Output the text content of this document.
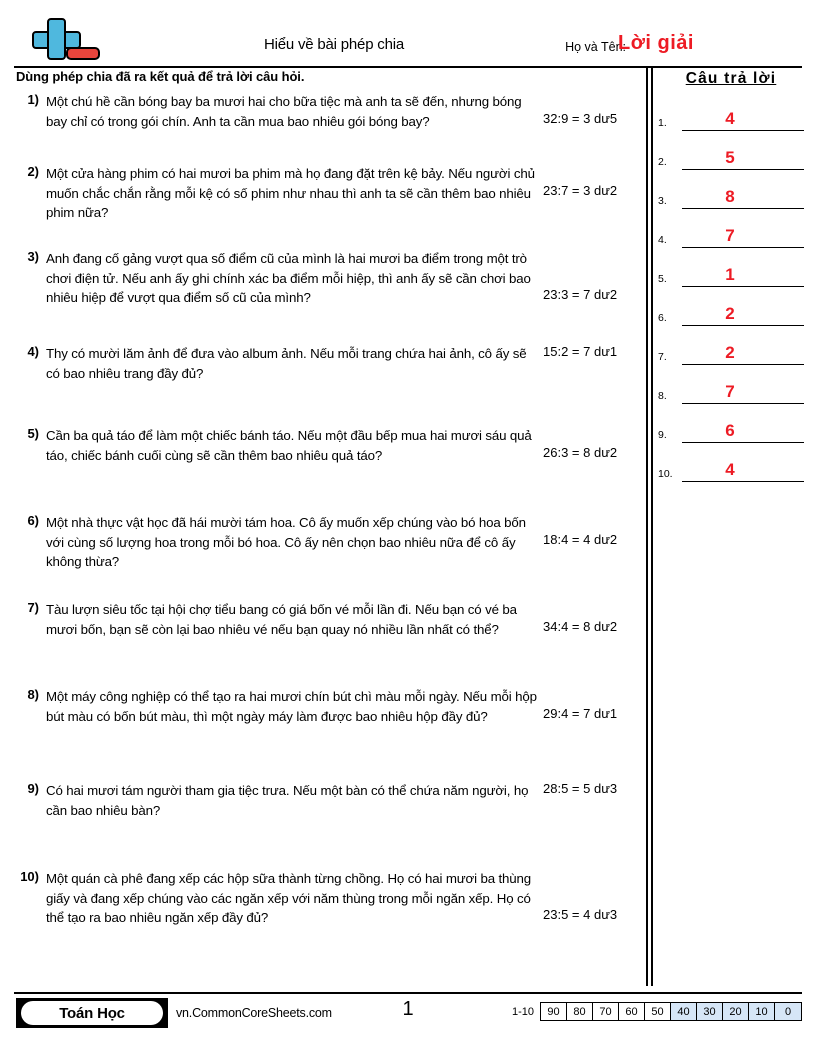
Hiểu về bài phép chia	Họ và Tên:
Lời giải
Dùng phép chia đã ra kết quả để trả lời câu hỏi.
1) Một chú hề cần bóng bay ba mươi hai cho bữa tiệc mà anh ta sẽ đến, nhưng bóng bay chỉ có trong gói chín. Anh ta cần mua bao nhiêu gói bóng bay?	32:9 = 3 dư5
2) Một cửa hàng phim có hai mươi ba phim mà họ đang đặt trên kệ bảy. Nếu người chủ muốn chắc chắn rằng mỗi kệ có số phim như nhau thì anh ta sẽ cần thêm bao nhiêu phim nữa?
23:7 = 3 dư2
3) Anh đang cố gảng vượt qua số điểm cũ của mình là hai mươi ba điểm trong một trò chơi điện tử. Nếu anh ấy ghi chính xác ba điểm mỗi hiệp, thì anh ấy sẽ cần chơi bao nhiêu hiệp để vượt qua điểm số cũ của mình?	23:3 = 7 dư2
4) Thy có mười lăm ảnh để đưa vào album ảnh. Nếu mỗi trang chứa hai ảnh, cô ấy sẽ có bao nhiêu trang đầy đủ?
15:2 = 7 dư1
5) Cần ba quả táo để làm một chiếc bánh táo. Nếu một đầu bếp mua hai mươi sáu quả táo, chiếc bánh cuối cùng sẽ cần thêm bao nhiêu quả táo?	26:3 = 8 dư2
6) Một nhà thực vật học đã hái mười tám hoa. Cô ấy muốn xếp chúng vào bó hoa bốn với cùng số lượng hoa trong mỗi bó hoa. Cô ấy nên chọn bao nhiêu nữa để cô ấy không thừa?
18:4 = 4 dư2
7) Tàu lượn siêu tốc tại hội chợ tiểu bang có giá bốn vé mỗi lần đi. Nếu bạn có vé ba mươi bốn, bạn sẽ còn lại bao nhiêu vé nếu bạn quay nó nhiều lần nhất có thể?	34:4 = 8 dư2
8) Một máy công nghiệp có thể tạo ra hai mươi chín bút chì màu mỗi ngày. Nếu mỗi hộp bút màu có bốn bút màu, thì một ngày máy làm được bao nhiêu hộp đầy đủ?	29:4 = 7 dư1
9) Có hai mươi tám người tham gia tiệc trưa. Nếu một bàn có thể chứa năm người, họ cần bao nhiêu bàn?
28:5 = 5 dư3
10) Một quán cà phê đang xếp các hộp sữa thành từng chồng. Họ có hai mươi ba thùng giấy và đang xếp chúng vào các ngăn xếp với năm thùng trong mỗi ngăn xếp. Họ có thể tạo ra bao nhiêu ngăn xếp đầy đủ?	23:5 = 4 dư3
Câu trả lời
1.	4
2.	5
3.	8
4.	7
5.	1
6.	2
7.	2
8.	7
9.	6
10.	4
Toán Học	vn.CommonCoreSheets.com	1	1-10	90	80	70	60	50	40	30	20	10	0
